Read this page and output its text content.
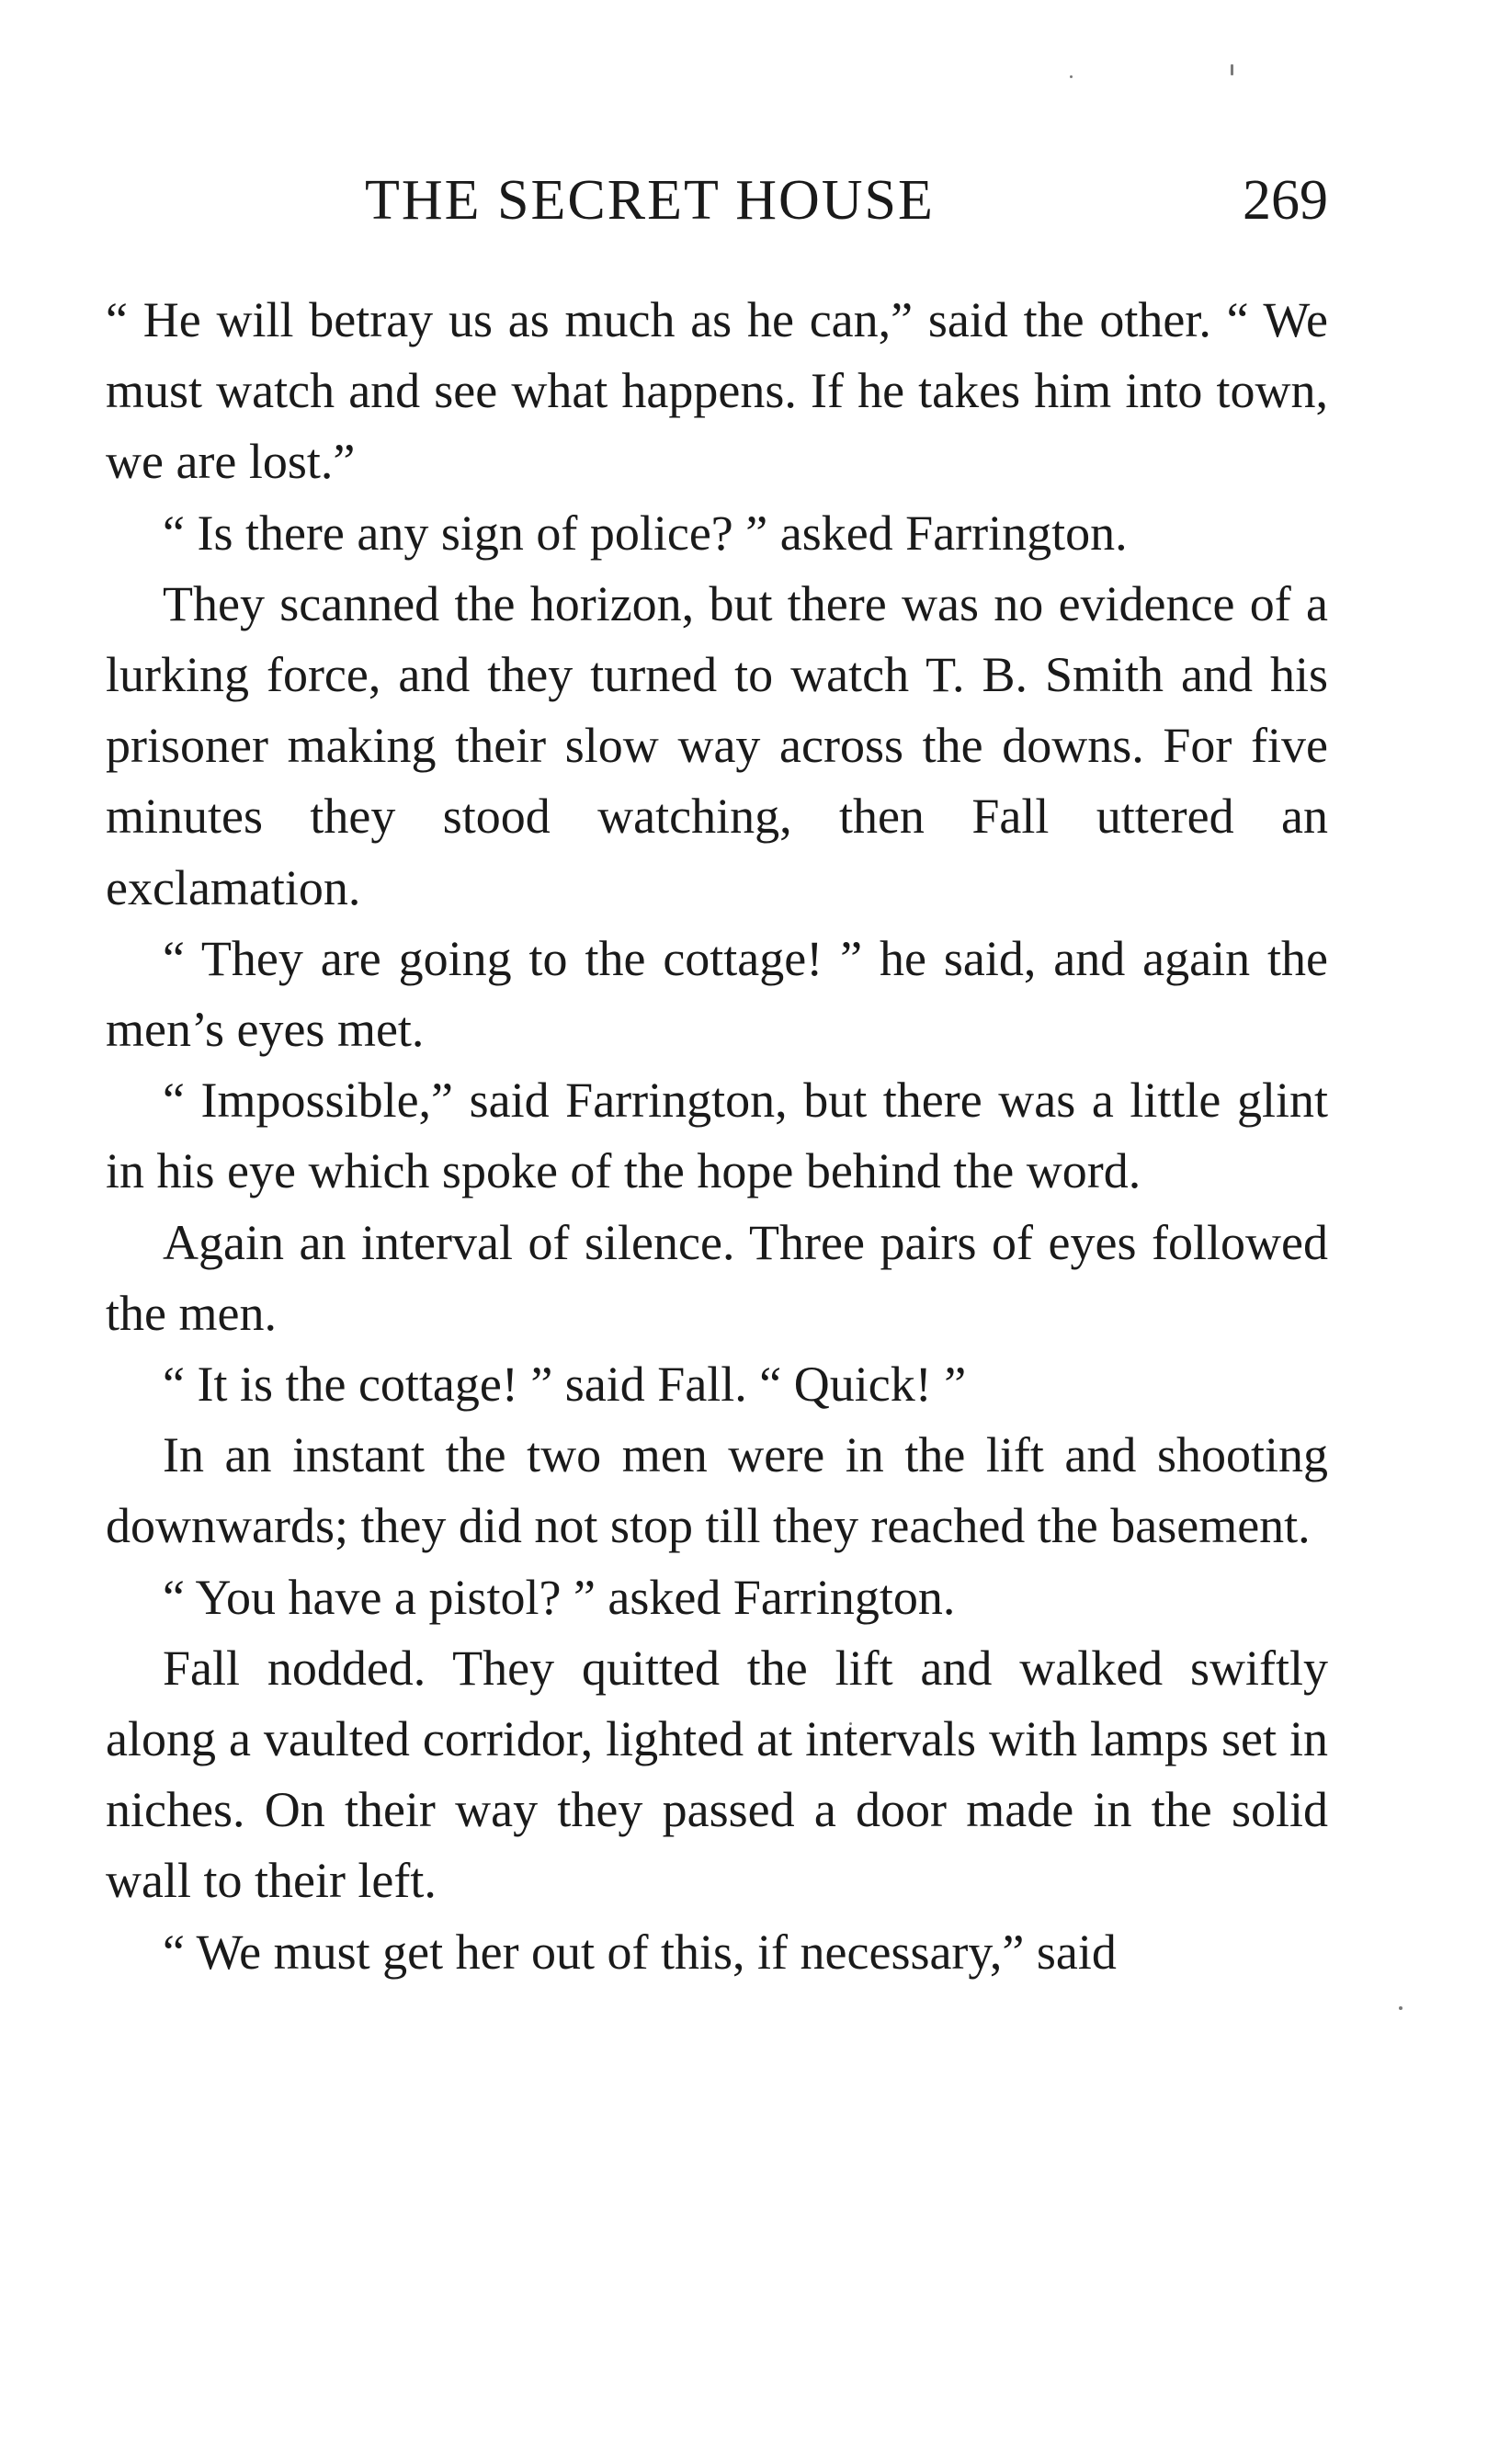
THE SECRET HOUSE	269

“ He will betray us as much as he can,” said the other. “ We must watch and see what happens. If he takes him into town, we are lost.”

“ Is there any sign of police? ” asked Farrington.

They scanned the horizon, but there was no evidence of a lurking force, and they turned to watch T. B. Smith and his prisoner making their slow way across the downs. For five minutes they stood watching, then Fall uttered an exclamation.

“ They are going to the cottage! ” he said, and again the men’s eyes met.

“ Impossible,” said Farrington, but there was a little glint in his eye which spoke of the hope behind the word.

Again an interval of silence. Three pairs of eyes followed the men.

“ It is the cottage! ” said Fall. “ Quick! ”

In an instant the two men were in the lift and shooting downwards; they did not stop till they reached the basement.

“ You have a pistol? ” asked Farrington.

Fall nodded. They quitted the lift and walked swiftly along a vaulted corridor, lighted at intervals with lamps set in niches. On their way they passed a door made in the solid wall to their left.

“ We must get her out of this, if necessary,” said
